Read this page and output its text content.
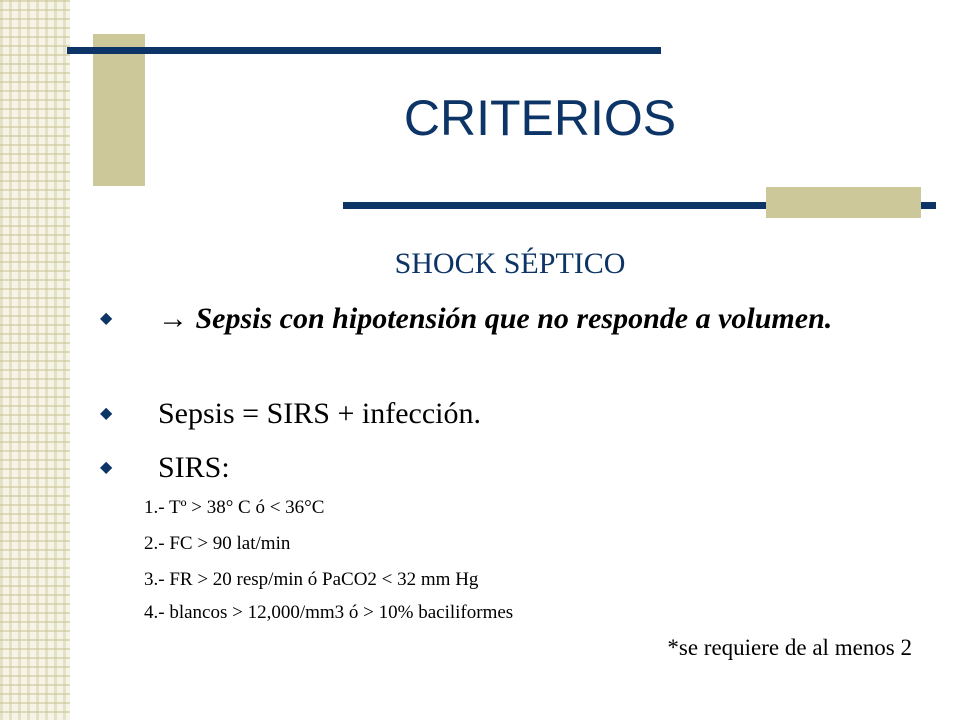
CRITERIOS
SHOCK SÉPTICO
◆ → Sepsis con hipotensión que no responde a volumen.
◆ Sepsis = SIRS + infección.
◆ SIRS:
1.- Tº > 38° C ó < 36°C
2.- FC > 90 lat/min
3.- FR > 20 resp/min ó PaCO2 < 32 mm Hg
4.- blancos > 12,000/mm3 ó > 10% baciliformes
*se requiere de al menos 2
